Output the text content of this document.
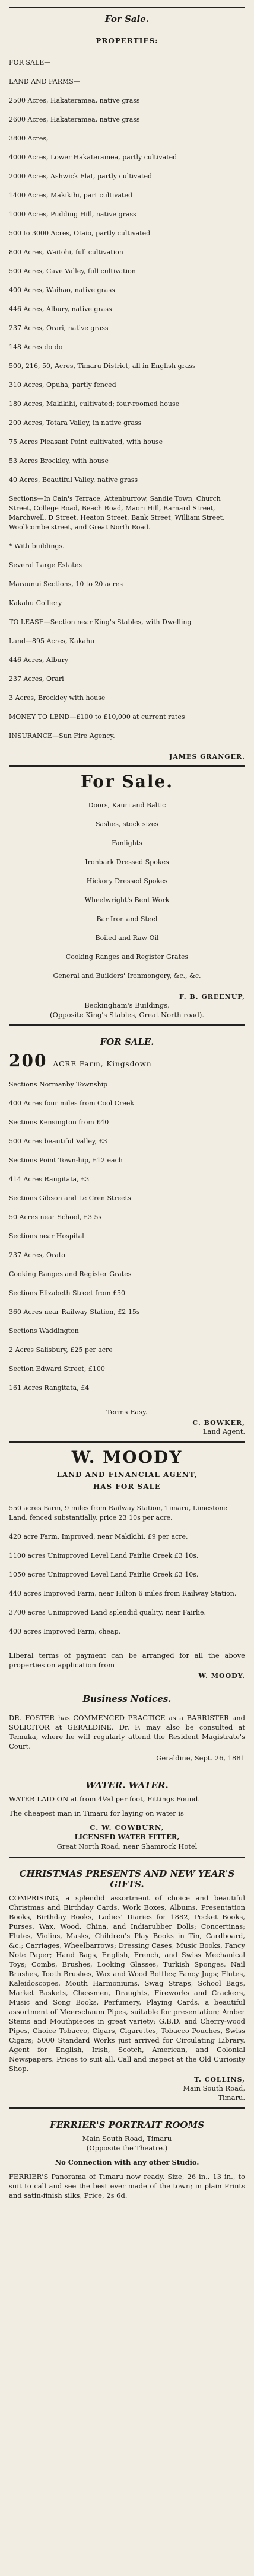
For Sale.
PROPERTIES:

FOR SALE—

LAND AND FARMS—

2500 Acres, Hakateramea, native grass

2600 Acres, Hakateramea, native grass

3800 Acres,

4000 Acres, Lower Hakateramea, partly cultivated

2000 Acres, Ashwick Flat, partly cultivated

1400 Acres, Makikihi, part cultivated

1000 Acres, Pudding Hill, native grass

500 to 3000 Acres, Otaio, partly cultivated

800 Acres, Waitohi, full cultivation

500 Acres, Cave Valley, full cultivation

400 Acres, Waihao, native grass

446 Acres, Albury, native grass

237 Acres, Orari, native grass

148 Acres do do

500, 216, 50, Acres, Timaru District, all in English grass

310 Acres, Opuha, partly fenced

180 Acres, Makikihi, cultivated; four-roomed house

200 Acres, Totara Valley, in native grass

75 Acres Pleasant Point cultivated, with house

53 Acres Brockley, with house

40 Acres, Beautiful Valley, native grass

Sections—In Cain's Terrace, Attenburrow, Sandie Town, Church Street, College Road, Beach Road, Maori Hill, Barnard Street, Marchwell, D Street, Heaton Street, Bank Street, William Street, Woollcombe street, and Great North Road.

* With buildings.

Several Large Estates

Maraunui Sections, 10 to 20 acres

Kakahu Colliery

TO LEASE—Section near King's Stables, with Dwelling

Land—895 Acres, Kakahu

446 Acres, Albury

237 Acres, Orari

3 Acres, Brockley with house

MONEY TO LEND—£100 to £10,000 at current rates

INSURANCE—Sun Fire Agency.

JAMES GRANGER.
For Sale.

Doors, Kauri and Baltic

Sashes, stock sizes

Fanlights

Ironbark Dressed Spokes

Hickory Dressed Spokes

Wheelwright's Bent Work

Bar Iron and Steel

Boiled and Raw Oil

Cooking Ranges and Register Grates

General and Builders' Ironmongery, &c., &c.

F. B. GREENUP,
Beckingham's Buildings,
(Opposite King's Stables, Great North road).
FOR SALE.
200 ACRE Farm, Kingsdown

Sections Normanby Township

400 Acres four miles from Cool Creek

Sections Kensington from £40

500 Acres beautiful Valley, £3

Sections Point Town-hip, £12 each

414 Acres Rangitata, £3

Sections Gibson and Le Cren Streets

50 Acres near School, £3 5s

Sections near Hospital

237 Acres, Orato

Cooking Ranges and Register Grates

Sections Elizabeth Street from £50

360 Acres near Railway Station, £2 15s

Sections Waddington

2 Acres Salisbury, £25 per acre

Section Edward Street, £100

161 Acres Rangitata, £4

Terms Easy.
C. BOWKER,
Land Agent.
W. MOODY
LAND AND FINANCIAL AGENT,
HAS FOR SALE

550 acres Farm, 9 miles from Railway Station, Timaru, Limestone Land, fenced substantially, price 23 10s per acre.

420 acre Farm, Improved, near Makikihi, £9 per acre.

1100 acres Unimproved Level Land Fairlie Creek £3 10s.

1050 acres Unimproved Level Land Fairlie Creek £3 10s.

440 acres Improved Farm, near Hilton 6 miles from Railway Station.

3700 acres Unimproved Land splendid quality, near Fairlie.

400 acres Improved Farm, cheap.

Liberal terms of payment can be arranged for all the above properties on application from
W. MOODY.
Business Notices.
DR. FOSTER has COMMENCED PRACTICE as a BARRISTER and SOLICITOR at GERALDINE. Dr. F. may also be consulted at Temuka, where he will regularly attend the Resident Magistrate's Court.
Geraldine, Sept. 26, 1881
WATER. WATER.
WATER LAID ON at from 4½d per foot, Fittings Found.
The cheapest man in Timaru for laying on water is
C. W. COWBURN,
LICENSED WATER FITTER,
Great North Road, near Shamrock Hotel
CHRISTMAS PRESENTS AND NEW YEAR'S GIFTS.
COMPRISING, a splendid assortment of choice and beautiful Christmas and Birthday Cards, Work Boxes, Albums, Presentation Books, Birthday Books, Ladies' Diaries for 1882, Pocket Books, Purses, Wax, Wood, China, and Indiarubber Dolls; Concertinas; Flutes, Violins, Masks, Children's Play Books in Tin, Cardboard, &c.; Carriages, Wheelbarrows; Dressing Cases, Music Books, Fancy Note Paper; Hand Bags, English, French, and Swiss Mechanical Toys; Combs, Brushes, Looking Glasses, Turkish Sponges, Nail Brushes, Tooth Brushes, Wax and Wood Bottles; Fancy Jugs; Flutes, Kaleidoscopes, Mouth Harmoniums, Swag Straps, School Bags, Market Baskets, Chessmen, Draughts, Fireworks and Crackers, Music and Song Books, Perfumery, Playing Cards, a beautiful assortment of Meerschaum Pipes, suitable for presentation; Amber Stems and Mouthpieces in great variety; G.B.D. and Cherry-wood Pipes, Choice Tobacco, Cigars, Cigarettes, Tobacco Pouches, Swiss Cigars; 5000 Standard Works just arrived for Circulating Library. Agent for English, Irish, Scotch, American, and Colonial Newspapers. Prices to suit all. Call and inspect at the Old Curiosity Shop.
T. COLLINS,
Main South Road,
Timaru.
FERRIER'S PORTRAIT ROOMS
Main South Road, Timaru
(Opposite the Theatre.)
No Connection with any other Studio.
FERRIER'S Panorama of Timaru now ready, Size, 26 in., 13 in., to suit to call and see the best ever made of the town; in plain Prints and satin-finish silks, Price, 2s 6d.
